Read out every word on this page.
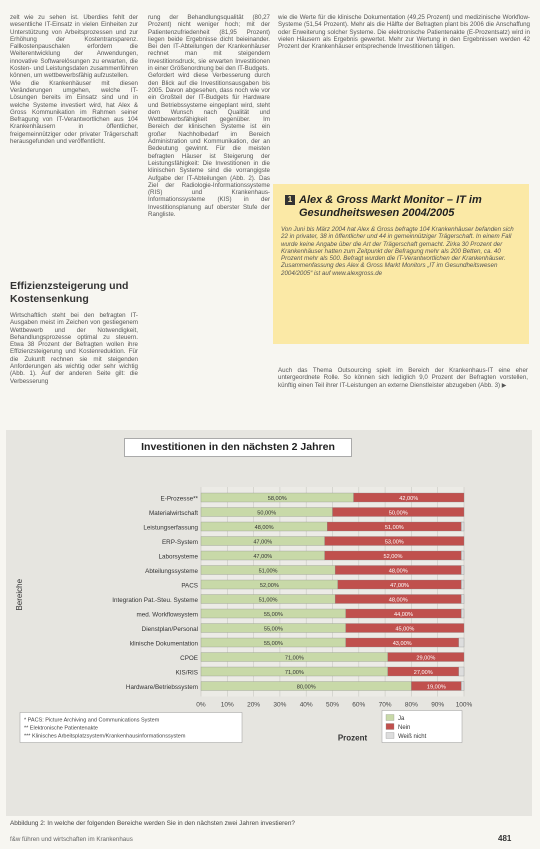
zelt wie zu sehen ist. Überdies fehlt der wesentliche IT-Einsatz in vielen Einheiten zur Unterstützung von Arbeitsprozessen und zur Erhöhung der Kostentransparenz. Fallkostenpauschalen erfordern die Weiterentwicklung der Anwendungen, innovative Softwarelösungen zu erwarten, die Kosten- und Leistungsdaten zusammenführen können, um wettbewerbsfähig aufzustellen.

Wie die Krankenhäuser mit diesen Veränderungen umgehen, welche IT-Lösungen bereits im Einsatz sind und in welche Systeme investiert wird, hat Alex & Gross Kommunikation im Rahmen seiner Befragung von IT-Verantwortlichen aus 104 Krankenhäusern in öffentlicher, freigemeinnütziger oder privater Trägerschaft herausgefunden und veröffentlicht.

Effizienzsteigerung und Kostensenkung

Wirtschaftlich steht bei den befragten IT-Ausgaben meist im Zeichen von gestiegenem Wettbewerb und der Notwendigkeit, Behandlungsprozesse optimal zu steuern. Etwa 38 Prozent der Befragten wollen ihre Effizienzsteigerung und Kostenreduktion. Für die Zukunft rechnen sie mit steigenden Anforderungen als wichtig oder sehr wichtig (Abb. 1). Auf der anderen Seite gilt: die Verbesserung

rung der Behandlungsqualität (80,27 Prozent) nicht weniger hoch; mit der Patientenzufriedenheit (81,95 Prozent) liegen beide Ergebnisse dicht beieinander. Bei den IT-Abteilungen der Krankenhäuser rechnet man mit steigendem Investitionsdruck, sie erwarten Investitionen in einer Größenordnung bei den IT-Budgets.

Gefordert wird diese Verbesserung durch den Blick auf die Investitionsausgaben bis 2005. Davon abgesehen, dass noch wie vor ein Großteil der IT-Budgets für Hardware und Betriebssysteme eingeplant wird, steht dem Wunsch nach Qualität und Wettbewerbsfähigkeit gegenüber. Im Bereich der klinischen Systeme ist ein großer Nachholbedarf im Bereich Administration und Kommunikation, der an Bedeutung gewinnt. Für die meisten befragten Häuser ist Steigerung der Leistungsfähigkeit: Die Investitionen in die klinischen Systeme sind die vorrangigste Aufgabe der IT-Abteilungen (Abb. 2). Das Ziel der Radiologie-Informationssysteme (RIS) und Krankenhaus-Informationssysteme (KIS) in der Investitionsplanung auf oberster Stufe der Rangliste.

wie die Werte für die klinische Dokumentation (49,25 Prozent) und medizinische Workflow-Systeme (51,54 Prozent). Mehr als die Hälfte der Befragten plant bis 2006 die Anschaffung oder Erweiterung solcher Systeme. Die elektronische Patientenakte (E-Prozentsatz) wird in vielen Häusern als Ergebnis gewertet. Mehr zur Wertung in den Ergebnissen werden 42 Prozent der Krankenhäuser entsprechende Investitionen tätigen.

1 Alex & Gross Markt Monitor – IT im Gesundheitswesen 2004/2005
Von Juni bis März 2004 hat Alex & Gross befragte 104 Krankenhäuser befanden sich 22 in privater, 38 in öffentlicher und 44 in gemeinnütziger Trägerschaft. In einem Fall wurde keine Angabe über die Art der Trägerschaft gemacht. Zirka 30 Prozent der Krankenhäuser hatten zum Zeitpunkt der Befragung mehr als 200 Betten, ca. 40 Prozent mehr als 500. Befragt wurden die IT-Verantwortlichen der Krankenhäuser. Zusammenfassung des Alex & Gross Markt Monitors „IT im Gesundheitswesen 2004/2005“ ist auf www.alexgross.de

Auch das Thema Outsourcing spielt im Bereich der Krankenhaus-IT eine eher untergeordnete Rolle. So können sich lediglich 9,0 Prozent der Befragten vorstellen, künftig einen Teil ihrer IT-Leistungen an externe Dienstleister abzugeben (Abb. 3) ▶

Investitionen in den nächsten 2 Jahren
0% 10% 20% 30% 40% 50% 60% 70% 80% 90% 100%
E-Prozesse**	58,00%	42,00%
Materialwirtschaft	50,00%	50,00%
Leistungserfassung	48,00%	51,00%
ERP-System	47,00%	53,00%
Laborsysteme	47,00%	52,00%
Abteilungssysteme	51,00%	48,00%
PACS	52,00%	47,00%
Integration Pat.-Steu. Systeme	51,00%	48,00%
med. Workflowsystem	55,00%	44,00%
Dienstplan/Personal	55,00%	45,00%
klinische Dokumentation	55,00%	43,00%
CPOE	71,00%	29,00%
KIS/RIS	71,00%	27,00%
Hardware/Betriebssystem	80,00%	19,00%
Bereiche
Prozent
* PACS: Picture Archiving and Communications System
** Elektronische Patientenakte
*** Klinisches Arbeitsplatzsystem/Krankenhausinformationssystem
Ja
Nein
Weiß nicht
Abbildung 2: In welche der folgenden Bereiche werden Sie in den nächsten zwei Jahren investieren?
f&w führen und wirtschaften im Krankenhaus	481
